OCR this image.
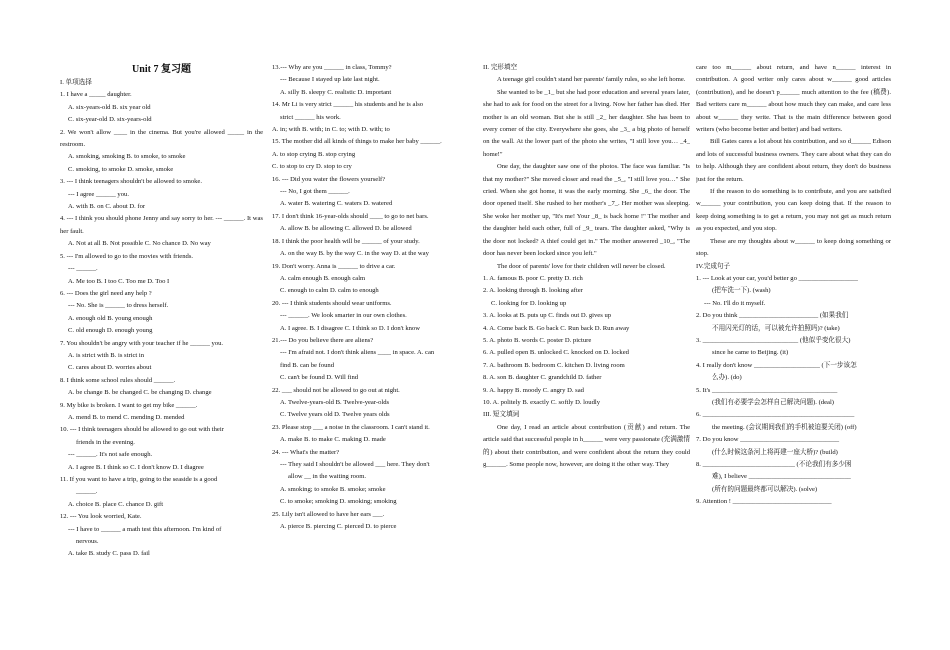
Unit 7 复习题
I. 单项选择
1. I have a _____ daughter.
A. six-years-old B. six year old
C. six-year-old D. six-years-old
2. We won't allow ____ in the cinema. But you're allowed _____ in the restroom.
A. smoking, smoking B. to smoke, to smoke
C. smoking, to smoke D. smoke, smoke
3. --- I think teenagers shouldn't be allowed to smoke.
--- I agree ______ you.
A. with B. on C. about D. for
4. --- I think you should phone Jenny and say sorry to her. --- ______. It was her fault.
A. Not at all B. Not possible C. No chance D. No way
5. --- I'm allowed to go to the movies with friends.
--- ______.
A. Me too B. I too C. Too me D. Too I
6. --- Does the girl need any help ?
--- No. She is ______ to dress herself.
A. enough old B. young enough
C. old enough D. enough young
7. You shouldn't be angry with your teacher if he ______ you.
A. is strict with B. is strict in
C. cares about D. worries about
8. I think some school rules should ______.
A. be change B. be changed C. be changing D. change
9. My bike is broken. I want to get my bike ______.
A. mend B. to mend C. mending D. mended
10. --- I think teenagers should be allowed to go out with their
friends in the evening.
--- ______. It's not safe enough.
A. I agree B. I think so C. I don't know D. I diagree
11. If you want to have a trip, going to the seaside is a good
______.
A. choice B. place C. chance D. gift
12. --- You look worried, Kate.
--- I have to ______ a math test this afternoon. I'm kind of
nervous.
A. take B. study C. pass D. fail
13.--- Why are you ______ in class, Tommy?
--- Because I stayed up late last night.
A. silly B. sleepy C. realistic D. important
14. Mr Li is very strict ______ his students and he is also
strict ______ his work.
A. in; with B. with; in C. to; with D. with; to
15. The mother did all kinds of things to make her baby ______.
A. to stop crying B. stop crying
C. to stop to cry D. stop to cry
16. --- Did you water the flowers yourself?
--- No, I got them ______.
A. water B. watering C. waters D. watered
17. I don't think 16-year-olds should ____ to go to net bars.
A. allow B. be allowing C. allowed D. be allowed
18. I think the poor health will be ______ of your study.
A. on the way B. by the way C. in the way D. at the way
19. Don't worry. Anna is ______ to drive a car.
A. calm enough B. enough calm
C. enough to calm D. calm to enough
20. --- I think students should wear uniforms.
--- ______. We look smarter in our own clothes.
A. I agree. B. I disagree C. I think so D. I don't know
21.--- Do you believe there are aliens?
--- I'm afraid not. I don't think aliens ____ in space. A. can
find B. can be found
C. can't be found D. Will find
22. ___ should not be allowed to go out at night.
A. Twelve-years-old B. Twelve-year-olds
C. Twelve years old D. Twelve years olds
23. Please stop ___ a noise in the classroom. I can't stand it.
A. make B. to make C. making D. made
24. --- What's the matter?
--- They said I shouldn't be allowed ___ here. They don't
allow __ in the waiting room.
A. smoking; to smoke B. smoke; smoke
C. to smoke; smoking D. smoking; smoking
25. Lily isn't allowed to have her ears ___.
A. pierce B. piercing C. pierced D. to pierce
II. 完形填空
A teenage girl couldn't stand her parents' family rules, so she left home.
She wanted to be _1_ but she had poor education and several years later, she had to ask for food on the street for a living. Now her father has died. Her mother is an old woman. But she is still _2_ her daughter. She has been to every corner of the city. Everywhere she goes, she _3_ a big photo of herself on the wall. At the lower part of the photo she writes, "I still love you… _4_ home!"
One day, the daughter saw one of the photos. The face was familiar. "Is that my mother?" She moved closer and read the _5_, "I still love you…" She cried. When she got home, it was the early morning. She _6_ the door. The door opened itself. She rushed to her mother's _7_. Her mother was sleeping. She woke her mother up, "It's me! Your _8_ is back home !" The mother and the daughter held each other, full of _9_ tears. The daughter asked, "Why is the door not locked? A thief could get in." The mother answered _10_, "The door has never been locked since you left."
The door of parents' love for their children will never be closed.
1. A. famous B. poor C. pretty D. rich
2. A. looking through B. looking after
C. looking for D. looking up
3. A. looks at B. puts up C. finds out D. gives up
4. A. Come back B. Go back C. Run back D. Run away
5. A. photo B. words C. poster D. picture
6. A. pulled open B. unlocked C. knocked on D. locked
7. A. bathroom B. bedroom C. kitchen D. living room
8. A. son B. daughter C. grandchild D. father
9. A. happy B. moody C. angry D. sad
10. A. politely B. exactly C. softly D. loudly
III. 短文填词
One day, I read an article about contribution (贡献) and return. The article said that successful people in h______ were very passionate (充满激情的) about their contribution, and were confident about the return they could g______. Some people now, however, are doing it the other way. They
care too m______ about return, and have n______ interest in contribution. A good writer only cares about w______ good articles (contribution), and he doesn't p______ much attention to the fee (稿费). Bad writers care m______ about how much they can make, and care less about w______ they write. That is the main difference between good writers (who become better and better) and bad writers.
Bill Gates cares a lot about his contribution, and so d______ Edison and lots of successful business owners. They care about what they can do to help. Although they are confident about return, they don't do business just for the return.
If the reason to do something is to contribute, and you are satisfied w______ your contribution, you can keep doing that. If the reason to keep doing something is to get a return, you may not get as much return as you expected, and you stop.
These are my thoughts about w______ to keep doing something or stop.
IV.完成句子
1. --- Look at your car, you'd better go __________________
(把车洗一下). (wash)
--- No. I'll do it myself.
2. Do you think ________________________ (如果我们
不用闪光灯的话，可以被允许拍照吗)? (take)
3. _____________________________ (他似乎变化很大)
since he came to Beijing. (it)
4. I really don't know ____________________ (下一步该怎
么办). (do)
5. It's ______________________________________
(我们有必要学会怎样自己解决问题). (deal)
6. ______________________________________________
the meeting. (会议期间我们的手机被迫要关闭) (off)
7. Do you know ______________________________
(什么时候这条河上将再建一座大桥)? (build)
8. ____________________________ (不论我们有多少困
难), I believe _______________________________
(所有的问题最终都可以解决). (solve)
9. Attention ! ______________________________
